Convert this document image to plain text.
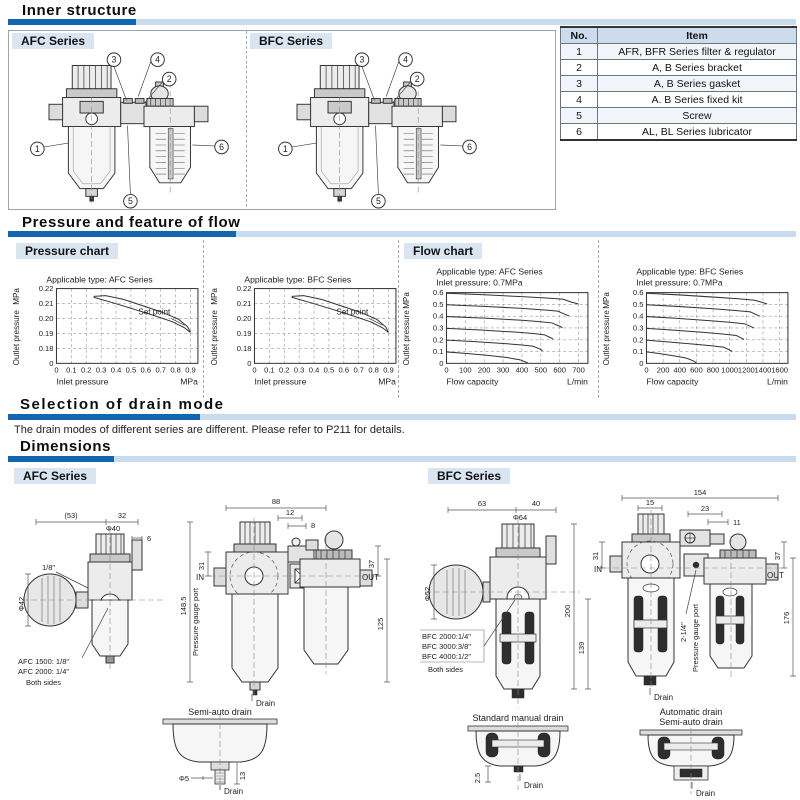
Inner structure
AFC Series	BFC Series
3	4
2
1	6
5
3	4
2
1	6
5
No.	Item
1	AFR, BFR Series filter & regulator
2	A, B Series bracket
3	A, B Series gasket
4	A. B Series fixed kit
5	Screw
6	AL, BL Series lubricator
Pressure and feature of flow
Pressure chart	Flow chart
Applicable type: AFC Series
0
0.18
0.19
0.20
0.21
0.22
0 0.1 0.2 0.3 0.4 0.5 0.6 0.7 0.8 0.9
Set point
Inlet pressure	MPa
Outlet pressure
MPa
Applicable type: BFC Series
0
0.18
0.19
0.20
0.21
0.22
0 0.1 0.2 0.3 0.4 0.5 0.6 0.7 0.8 0.9
Set point
Inlet pressure	MPa
Outlet pressure
MPa
Applicable type: AFC Series
Inlet pressure: 0.7MPa
0
0.1
0.2
0.3
0.4
0.5
0.6
0 100 200 300 400 500 600 700
Flow capacity	L/min
Outlet pressure
MPa
Applicable type: BFC Series
Inlet pressure: 0.7MPa
0
0.1
0.2
0.3
0.4
0.5
0.6
0 200 400 600 800 1000 1200 1400 1600
Flow capacity	L/min
Outlet pressure
MPa
Selection of drain mode
The drain modes of different series are different. Please refer to P211 for details.
Dimensions
AFC Series	BFC Series
(53)	32
Φ40
6
1/8"
Φ42
AFC 1500: 1/8"
AFC 2000: 1/4"
Both sides
88
12
8
31
148.5 Pressure gauge port
37
125
IN	OUT
Drain
63	40
Φ64
Φ52
BFC 2000:1/4"
BFC 3000:3/8"
BFC 4000:1/2"
Both sides
200
139
154
15
23
11
31	37
176
IN
OUT
2-1/4" Pressure gauge port
Drain
Semi-auto drain
13
Φ5
Drain
Standard manual drain
2.5
Drain
Automatic drain
Semi-auto drain
Drain
